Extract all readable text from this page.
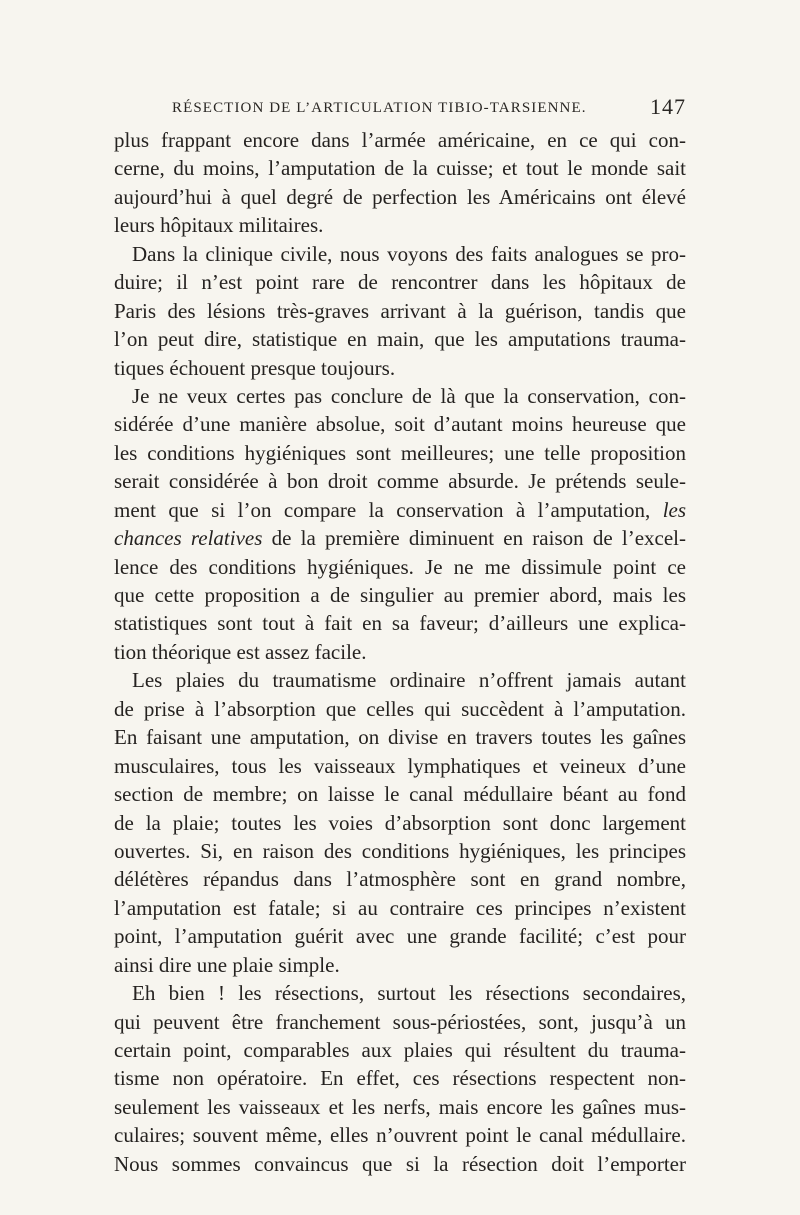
RÉSECTION DE L’ARTICULATION TIBIO-TARSIENNE.	147
plus frappant encore dans l’armée américaine, en ce qui con-
cerne, du moins, l’amputation de la cuisse; et tout le monde sait
aujourd’hui à quel degré de perfection les Américains ont élevé
leurs hôpitaux militaires.
Dans la clinique civile, nous voyons des faits analogues se pro-
duire; il n’est point rare de rencontrer dans les hôpitaux de
Paris des lésions très-graves arrivant à la guérison, tandis que
l’on peut dire, statistique en main, que les amputations trauma-
tiques échouent presque toujours.
Je ne veux certes pas conclure de là que la conservation, con-
sidérée d’une manière absolue, soit d’autant moins heureuse que
les conditions hygiéniques sont meilleures; une telle proposition
serait considérée à bon droit comme absurde. Je prétends seule-
ment que si l’on compare la conservation à l’amputation, les
chances relatives de la première diminuent en raison de l’excel-
lence des conditions hygiéniques. Je ne me dissimule point ce
que cette proposition a de singulier au premier abord, mais les
statistiques sont tout à fait en sa faveur; d’ailleurs une explica-
tion théorique est assez facile.
Les plaies du traumatisme ordinaire n’offrent jamais autant
de prise à l’absorption que celles qui succèdent à l’amputation.
En faisant une amputation, on divise en travers toutes les gaînes
musculaires, tous les vaisseaux lymphatiques et veineux d’une
section de membre; on laisse le canal médullaire béant au fond
de la plaie; toutes les voies d’absorption sont donc largement
ouvertes. Si, en raison des conditions hygiéniques, les principes
délétères répandus dans l’atmosphère sont en grand nombre,
l’amputation est fatale; si au contraire ces principes n’existent
point, l’amputation guérit avec une grande facilité; c’est pour
ainsi dire une plaie simple.
Eh bien ! les résections, surtout les résections secondaires,
qui peuvent être franchement sous-périostées, sont, jusqu’à un
certain point, comparables aux plaies qui résultent du trauma-
tisme non opératoire. En effet, ces résections respectent non-
seulement les vaisseaux et les nerfs, mais encore les gaînes mus-
culaires; souvent même, elles n’ouvrent point le canal médullaire.
Nous sommes convaincus que si la résection doit l’emporter
